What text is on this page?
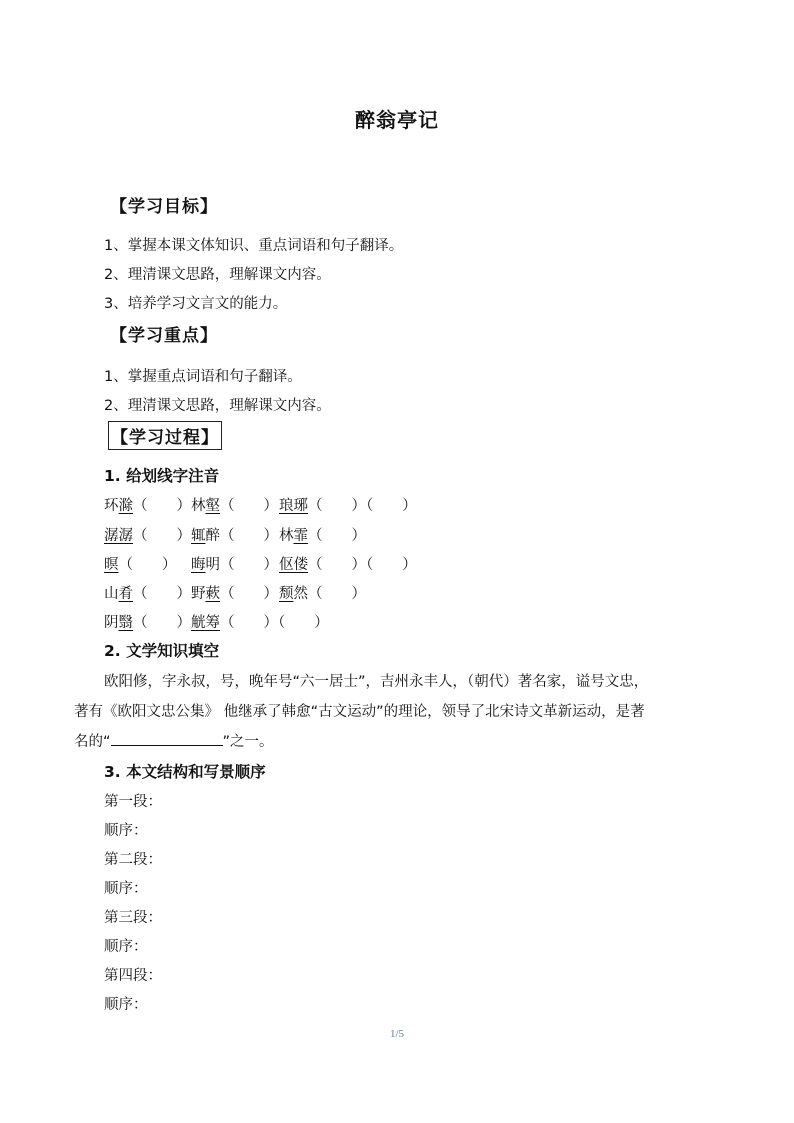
醉翁亭记
【学习目标】
1、掌握本课文体知识、重点词语和句子翻译。
2、理清课文思路，理解课文内容。
3、培养学习文言文的能力。
【学习重点】
1、掌握重点词语和句子翻译。
2、理清课文思路，理解课文内容。
【学习过程】
1. 给划线字注音
环滁（　　） 林壑（　　） 琅琊（　　）（　　）
潺潺（　　） 辄醉（　　） 林霏（　　）
暝（　　） 晦明（　　） 伛偻（　　）（　　）
山肴（　　） 野蔌（　　） 颓然（　　）
阴翳（　　） 觥筹（　　）（　　）
2. 文学知识填空
欧阳修，字永叔，号，晚年号“六一居士”，吉州永丰人，（朝代）著名家，谥号文忠，
著有《欧阳文忠公集》 他继承了韩愈“古文运动”的理论，领导了北宋诗文革新运动，是著
名的“	”之一。
3. 本文结构和写景顺序
第一段：
顺序：
第二段：
顺序：
第三段：
顺序：
第四段：
顺序：
1/5
